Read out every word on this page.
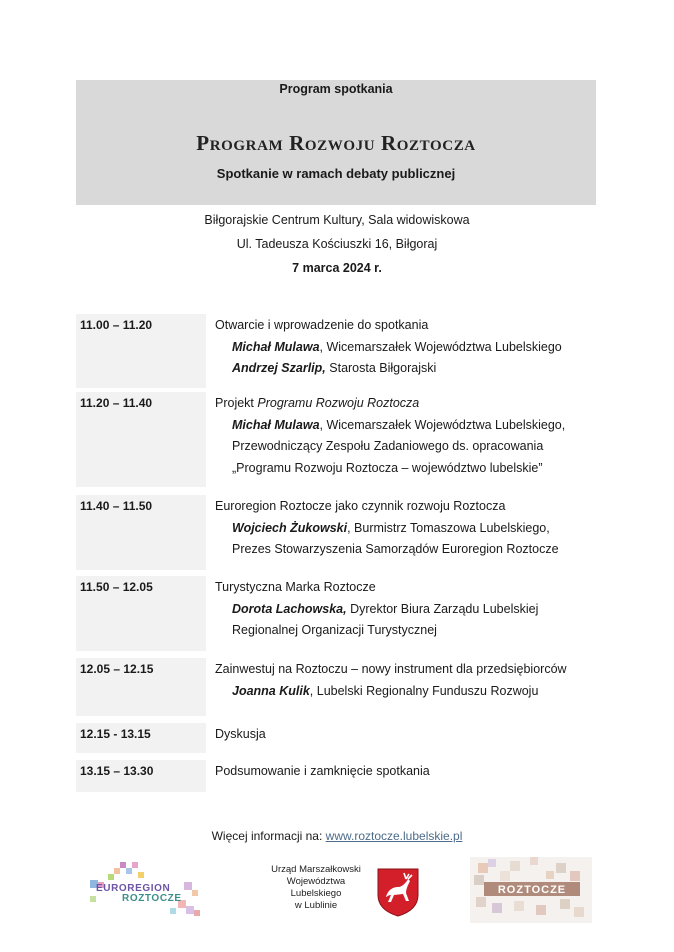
Program spotkania
Program Rozwoju Roztocza
Spotkanie w ramach debaty publicznej
Biłgorajskie Centrum Kultury, Sala widowiskowa
Ul. Tadeusza Kościuszki 16, Biłgoraj
7 marca 2024 r.
11.00 – 11.20	Otwarcie i wprowadzenie do spotkania
Michał Mulawa, Wicemarszałek Województwa Lubelskiego
Andrzej Szarlip, Starosta Biłgorajski
11.20 – 11.40	Projekt Programu Rozwoju Roztocza
Michał Mulawa, Wicemarszałek Województwa Lubelskiego,
Przewodniczący Zespołu Zadaniowego ds. opracowania
„Programu Rozwoju Roztocza – województwo lubelskie”
11.40 – 11.50	Euroregion Roztocze jako czynnik rozwoju Roztocza
Wojciech Żukowski, Burmistrz Tomaszowa Lubelskiego,
Prezes Stowarzyszenia Samorządów Euroregion Roztocze
11.50 – 12.05	Turystyczna Marka Roztocze
Dorota Lachowska, Dyrektor Biura Zarządu Lubelskiej
Regionalnej Organizacji Turystycznej
12.05 – 12.15	Zainwestuj na Roztoczu – nowy instrument dla przedsiębiorców
Joanna Kulik, Lubelski Regionalny Funduszu Rozwoju
12.15 - 13.15	Dyskusja
13.15 – 13.30	Podsumowanie i zamknięcie spotkania
Więcej informacji na: www.roztocze.lubelskie.pl
EUROREGION
ROZTOCZE
Urząd Marszałkowski
Województwa Lubelskiego
w Lublinie
ROZTOCZE
